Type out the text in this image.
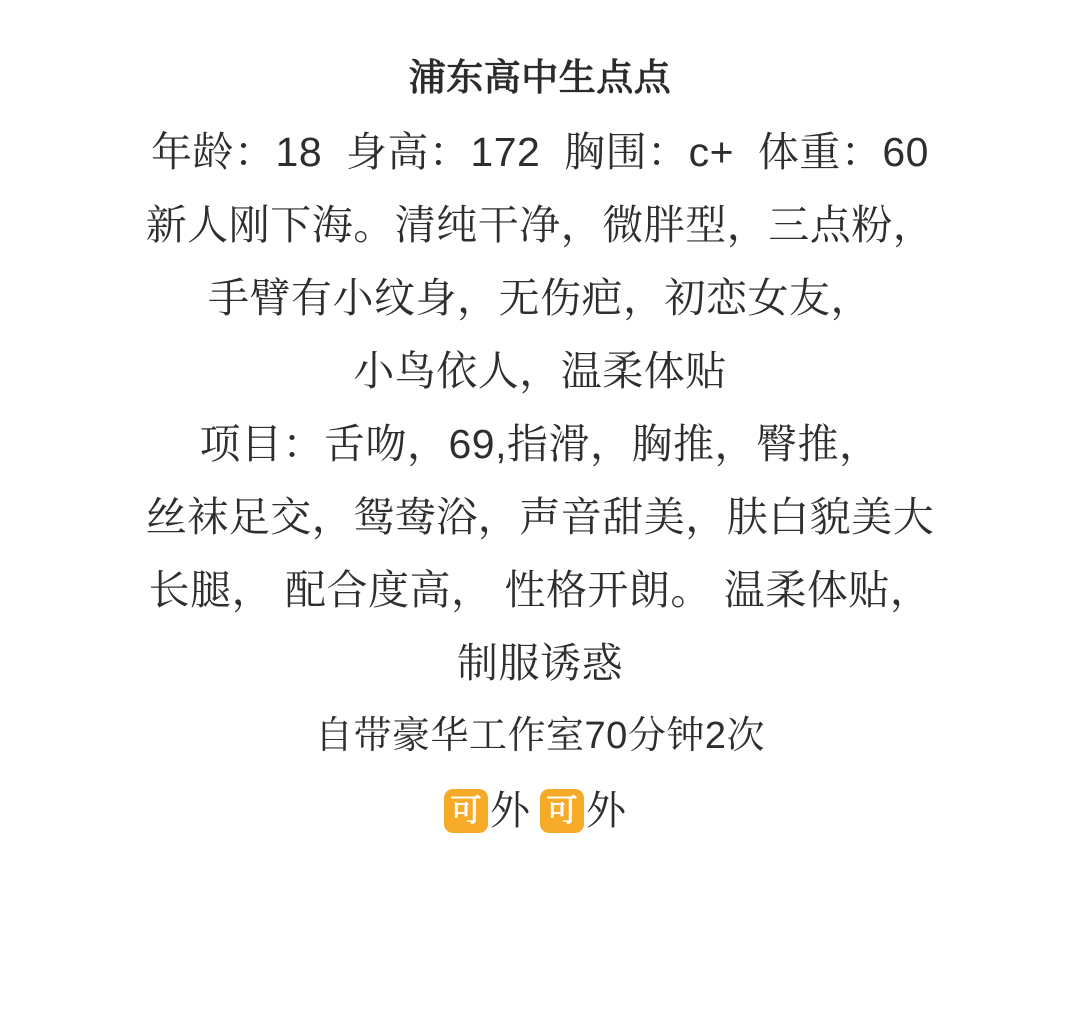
浦东高中生点点
年龄：18  身高：172  胸围：c+  体重：60
新人刚下海。清纯干净，微胖型，三点粉，
手臂有小纹身，无伤疤，初恋女友，
小鸟依人，温柔体贴
项目：舌吻，69,指滑，胸推，臀推，
丝袜足交，鸳鸯浴，声音甜美，肤白貌美大
长腿， 配合度高， 性格开朗。 温柔体贴，
制服诱惑
自带豪华工作室70分钟2次
可 外 可 外
